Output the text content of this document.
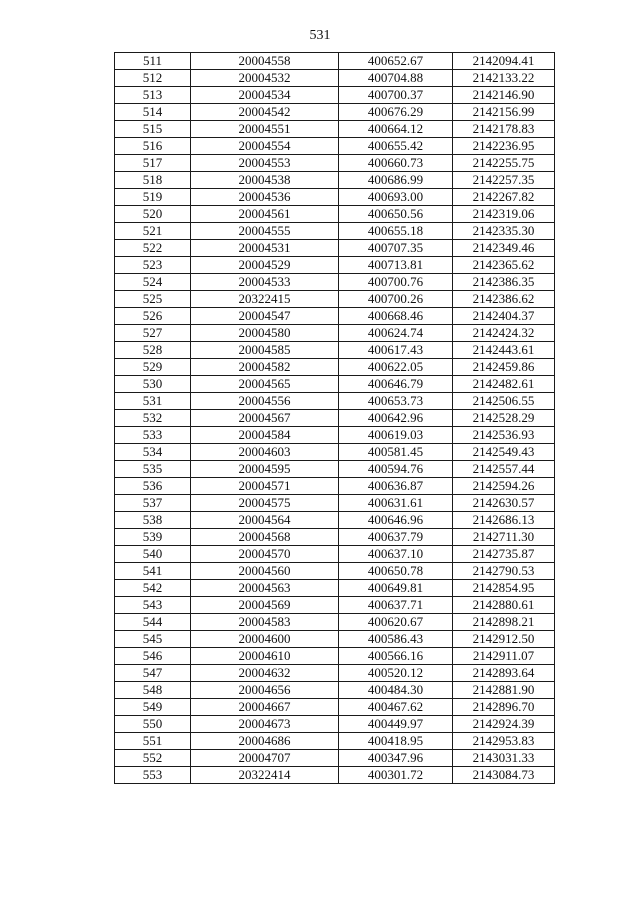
531
511	20004558	400652.67	2142094.41
512	20004532	400704.88	2142133.22
513	20004534	400700.37	2142146.90
514	20004542	400676.29	2142156.99
515	20004551	400664.12	2142178.83
516	20004554	400655.42	2142236.95
517	20004553	400660.73	2142255.75
518	20004538	400686.99	2142257.35
519	20004536	400693.00	2142267.82
520	20004561	400650.56	2142319.06
521	20004555	400655.18	2142335.30
522	20004531	400707.35	2142349.46
523	20004529	400713.81	2142365.62
524	20004533	400700.76	2142386.35
525	20322415	400700.26	2142386.62
526	20004547	400668.46	2142404.37
527	20004580	400624.74	2142424.32
528	20004585	400617.43	2142443.61
529	20004582	400622.05	2142459.86
530	20004565	400646.79	2142482.61
531	20004556	400653.73	2142506.55
532	20004567	400642.96	2142528.29
533	20004584	400619.03	2142536.93
534	20004603	400581.45	2142549.43
535	20004595	400594.76	2142557.44
536	20004571	400636.87	2142594.26
537	20004575	400631.61	2142630.57
538	20004564	400646.96	2142686.13
539	20004568	400637.79	2142711.30
540	20004570	400637.10	2142735.87
541	20004560	400650.78	2142790.53
542	20004563	400649.81	2142854.95
543	20004569	400637.71	2142880.61
544	20004583	400620.67	2142898.21
545	20004600	400586.43	2142912.50
546	20004610	400566.16	2142911.07
547	20004632	400520.12	2142893.64
548	20004656	400484.30	2142881.90
549	20004667	400467.62	2142896.70
550	20004673	400449.97	2142924.39
551	20004686	400418.95	2142953.83
552	20004707	400347.96	2143031.33
553	20322414	400301.72	2143084.73
